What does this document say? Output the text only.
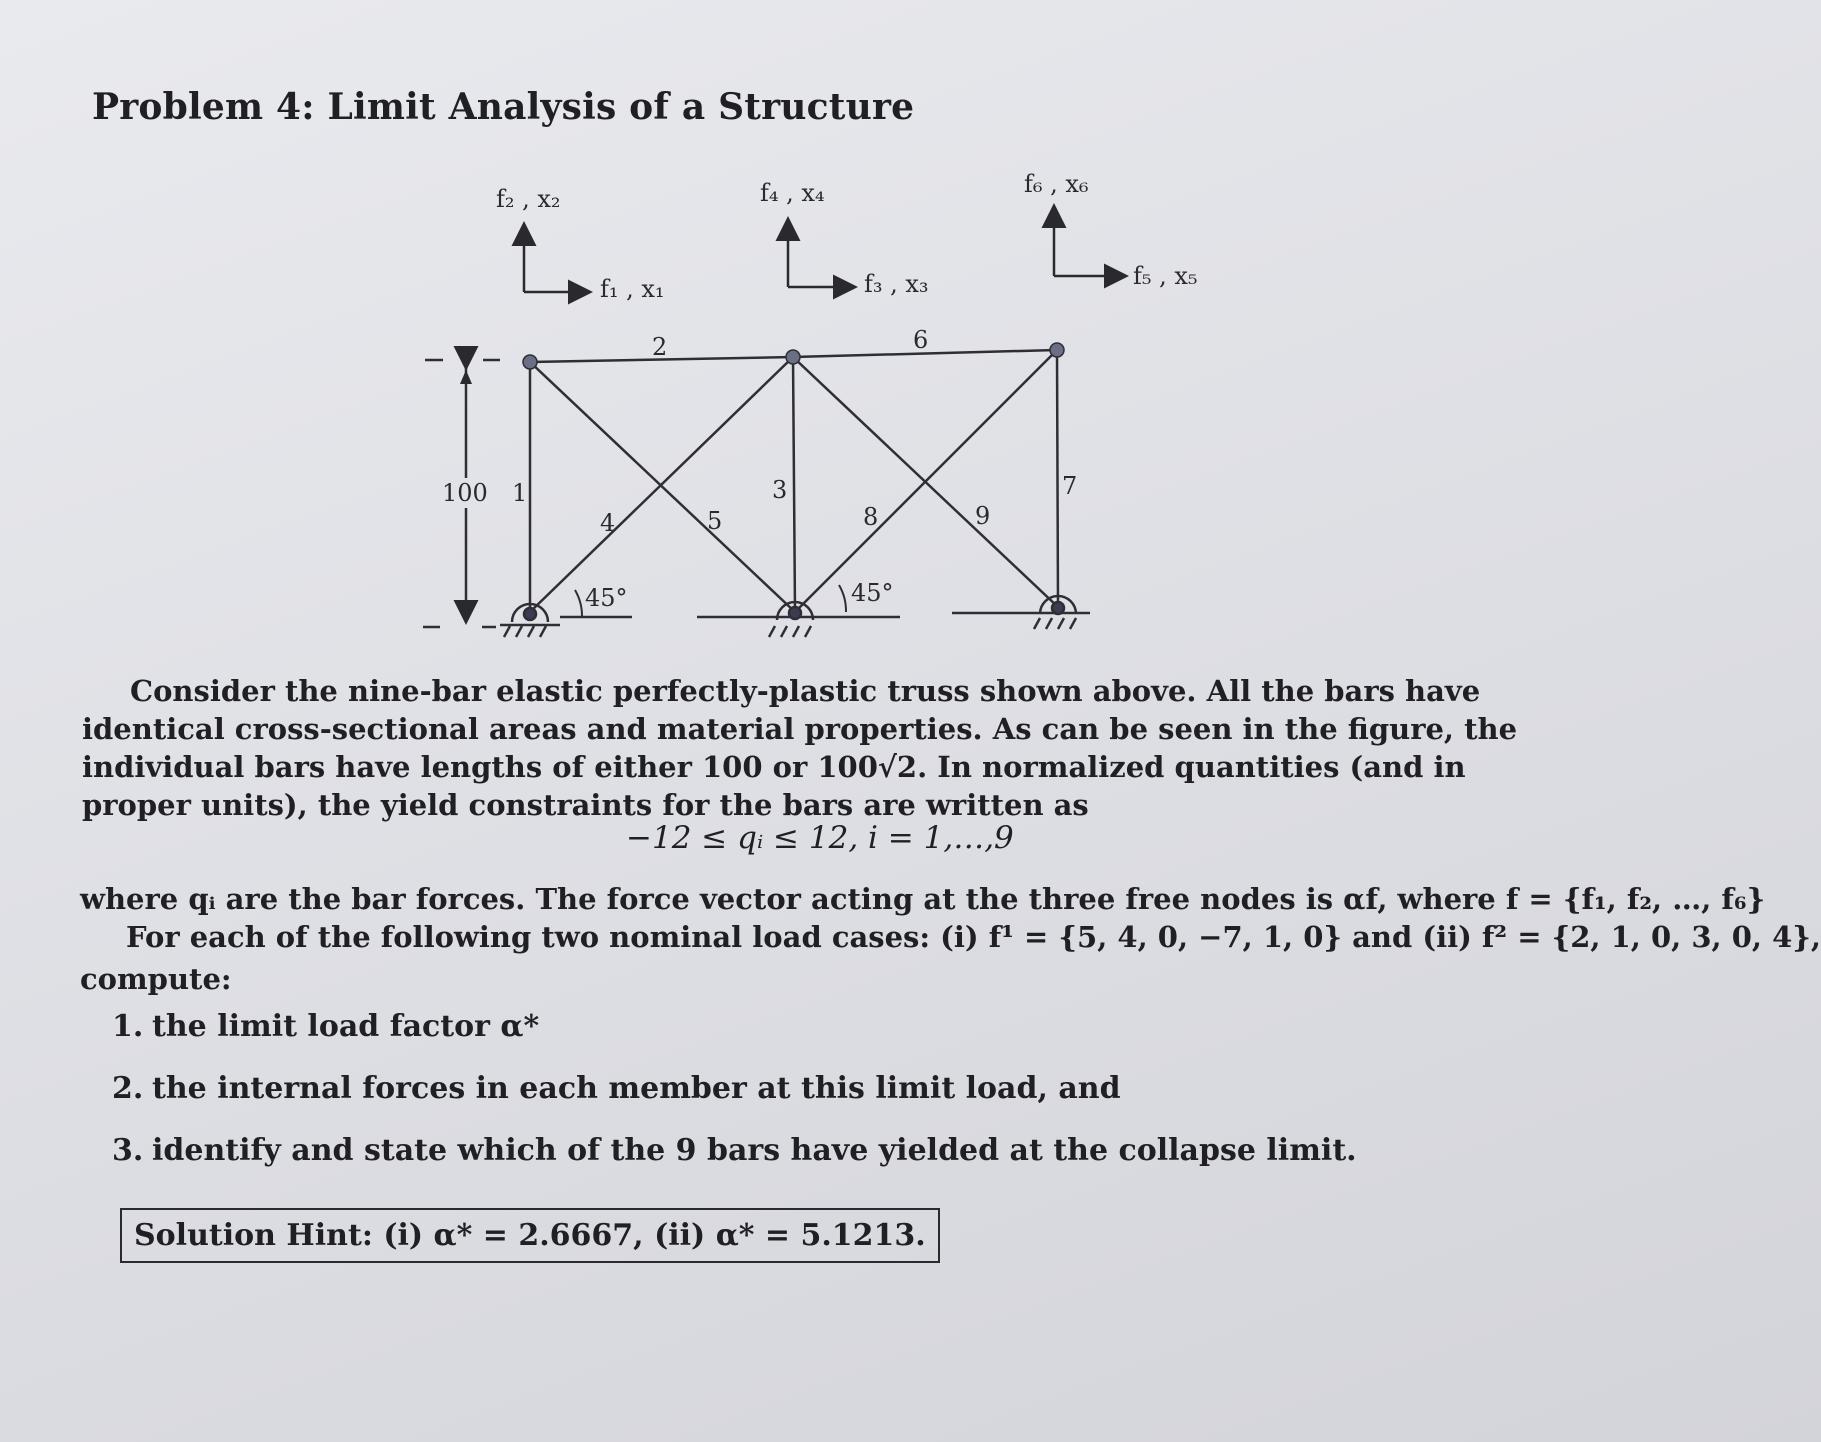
Problem 4: Limit Analysis of a Structure
f₂ , x₂
f₁ , x₁
f₄ , x₄
f₃ , x₃
f₆ , x₆
f₅ , x₅
100 1
2
3
4	5
6
7
8	9
45°	45°
Consider the nine-bar elastic perfectly-plastic truss shown above. All the bars have identical cross-sectional areas and material properties. As can be seen in the figure, the individual bars have lengths of either 100 or 100√2. In normalized quantities (and in proper units), the yield constraints for the bars are written as
−12 ≤ qᵢ ≤ 12, i = 1,…,9
where qᵢ are the bar forces. The force vector acting at the three free nodes is αf, where f = {f₁, f₂, …, f₆}
For each of the following two nominal load cases: (i) f¹ = {5, 4, 0, −7, 1, 0} and (ii) f² = {2, 1, 0, 3, 0, 4},
compute:
1. the limit load factor α*
2. the internal forces in each member at this limit load, and
3. identify and state which of the 9 bars have yielded at the collapse limit.
Solution Hint: (i) α* = 2.6667, (ii) α* = 5.1213.
